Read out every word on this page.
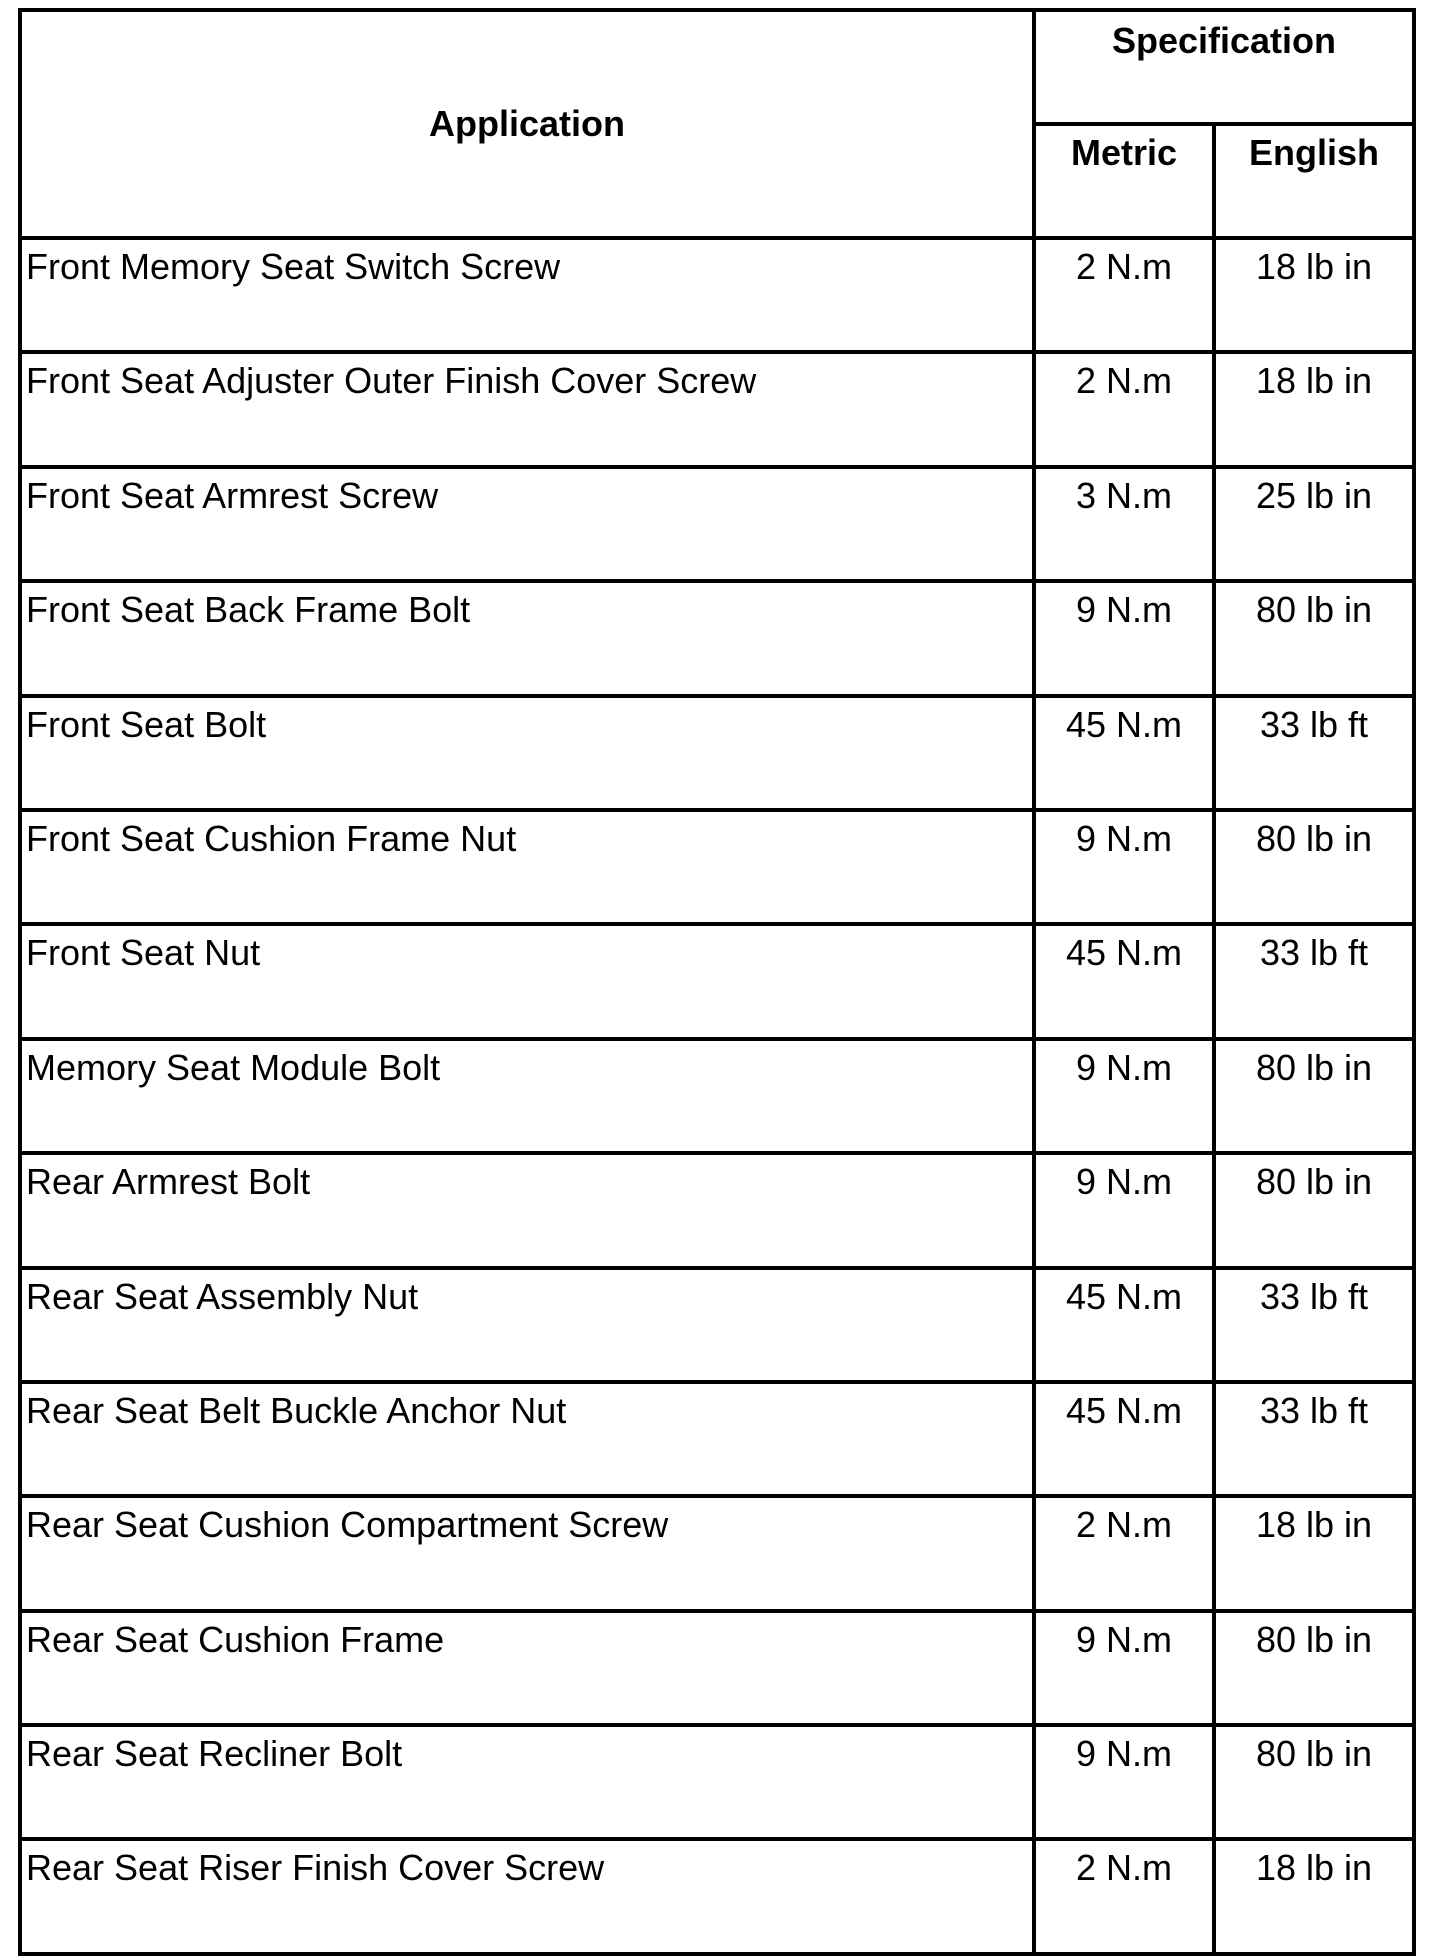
Application	Specification	
	Metric	English
Front Memory Seat Switch Screw	2 N.m	18 lb in
Front Seat Adjuster Outer Finish Cover Screw	2 N.m	18 lb in
Front Seat Armrest Screw	3 N.m	25 lb in
Front Seat Back Frame Bolt	9 N.m	80 lb in
Front Seat Bolt	45 N.m	33 lb ft
Front Seat Cushion Frame Nut	9 N.m	80 lb in
Front Seat Nut	45 N.m	33 lb ft
Memory Seat Module Bolt	9 N.m	80 lb in
Rear Armrest Bolt	9 N.m	80 lb in
Rear Seat Assembly Nut	45 N.m	33 lb ft
Rear Seat Belt Buckle Anchor Nut	45 N.m	33 lb ft
Rear Seat Cushion Compartment Screw	2 N.m	18 lb in
Rear Seat Cushion Frame	9 N.m	80 lb in
Rear Seat Recliner Bolt	9 N.m	80 lb in
Rear Seat Riser Finish Cover Screw	2 N.m	18 lb in
